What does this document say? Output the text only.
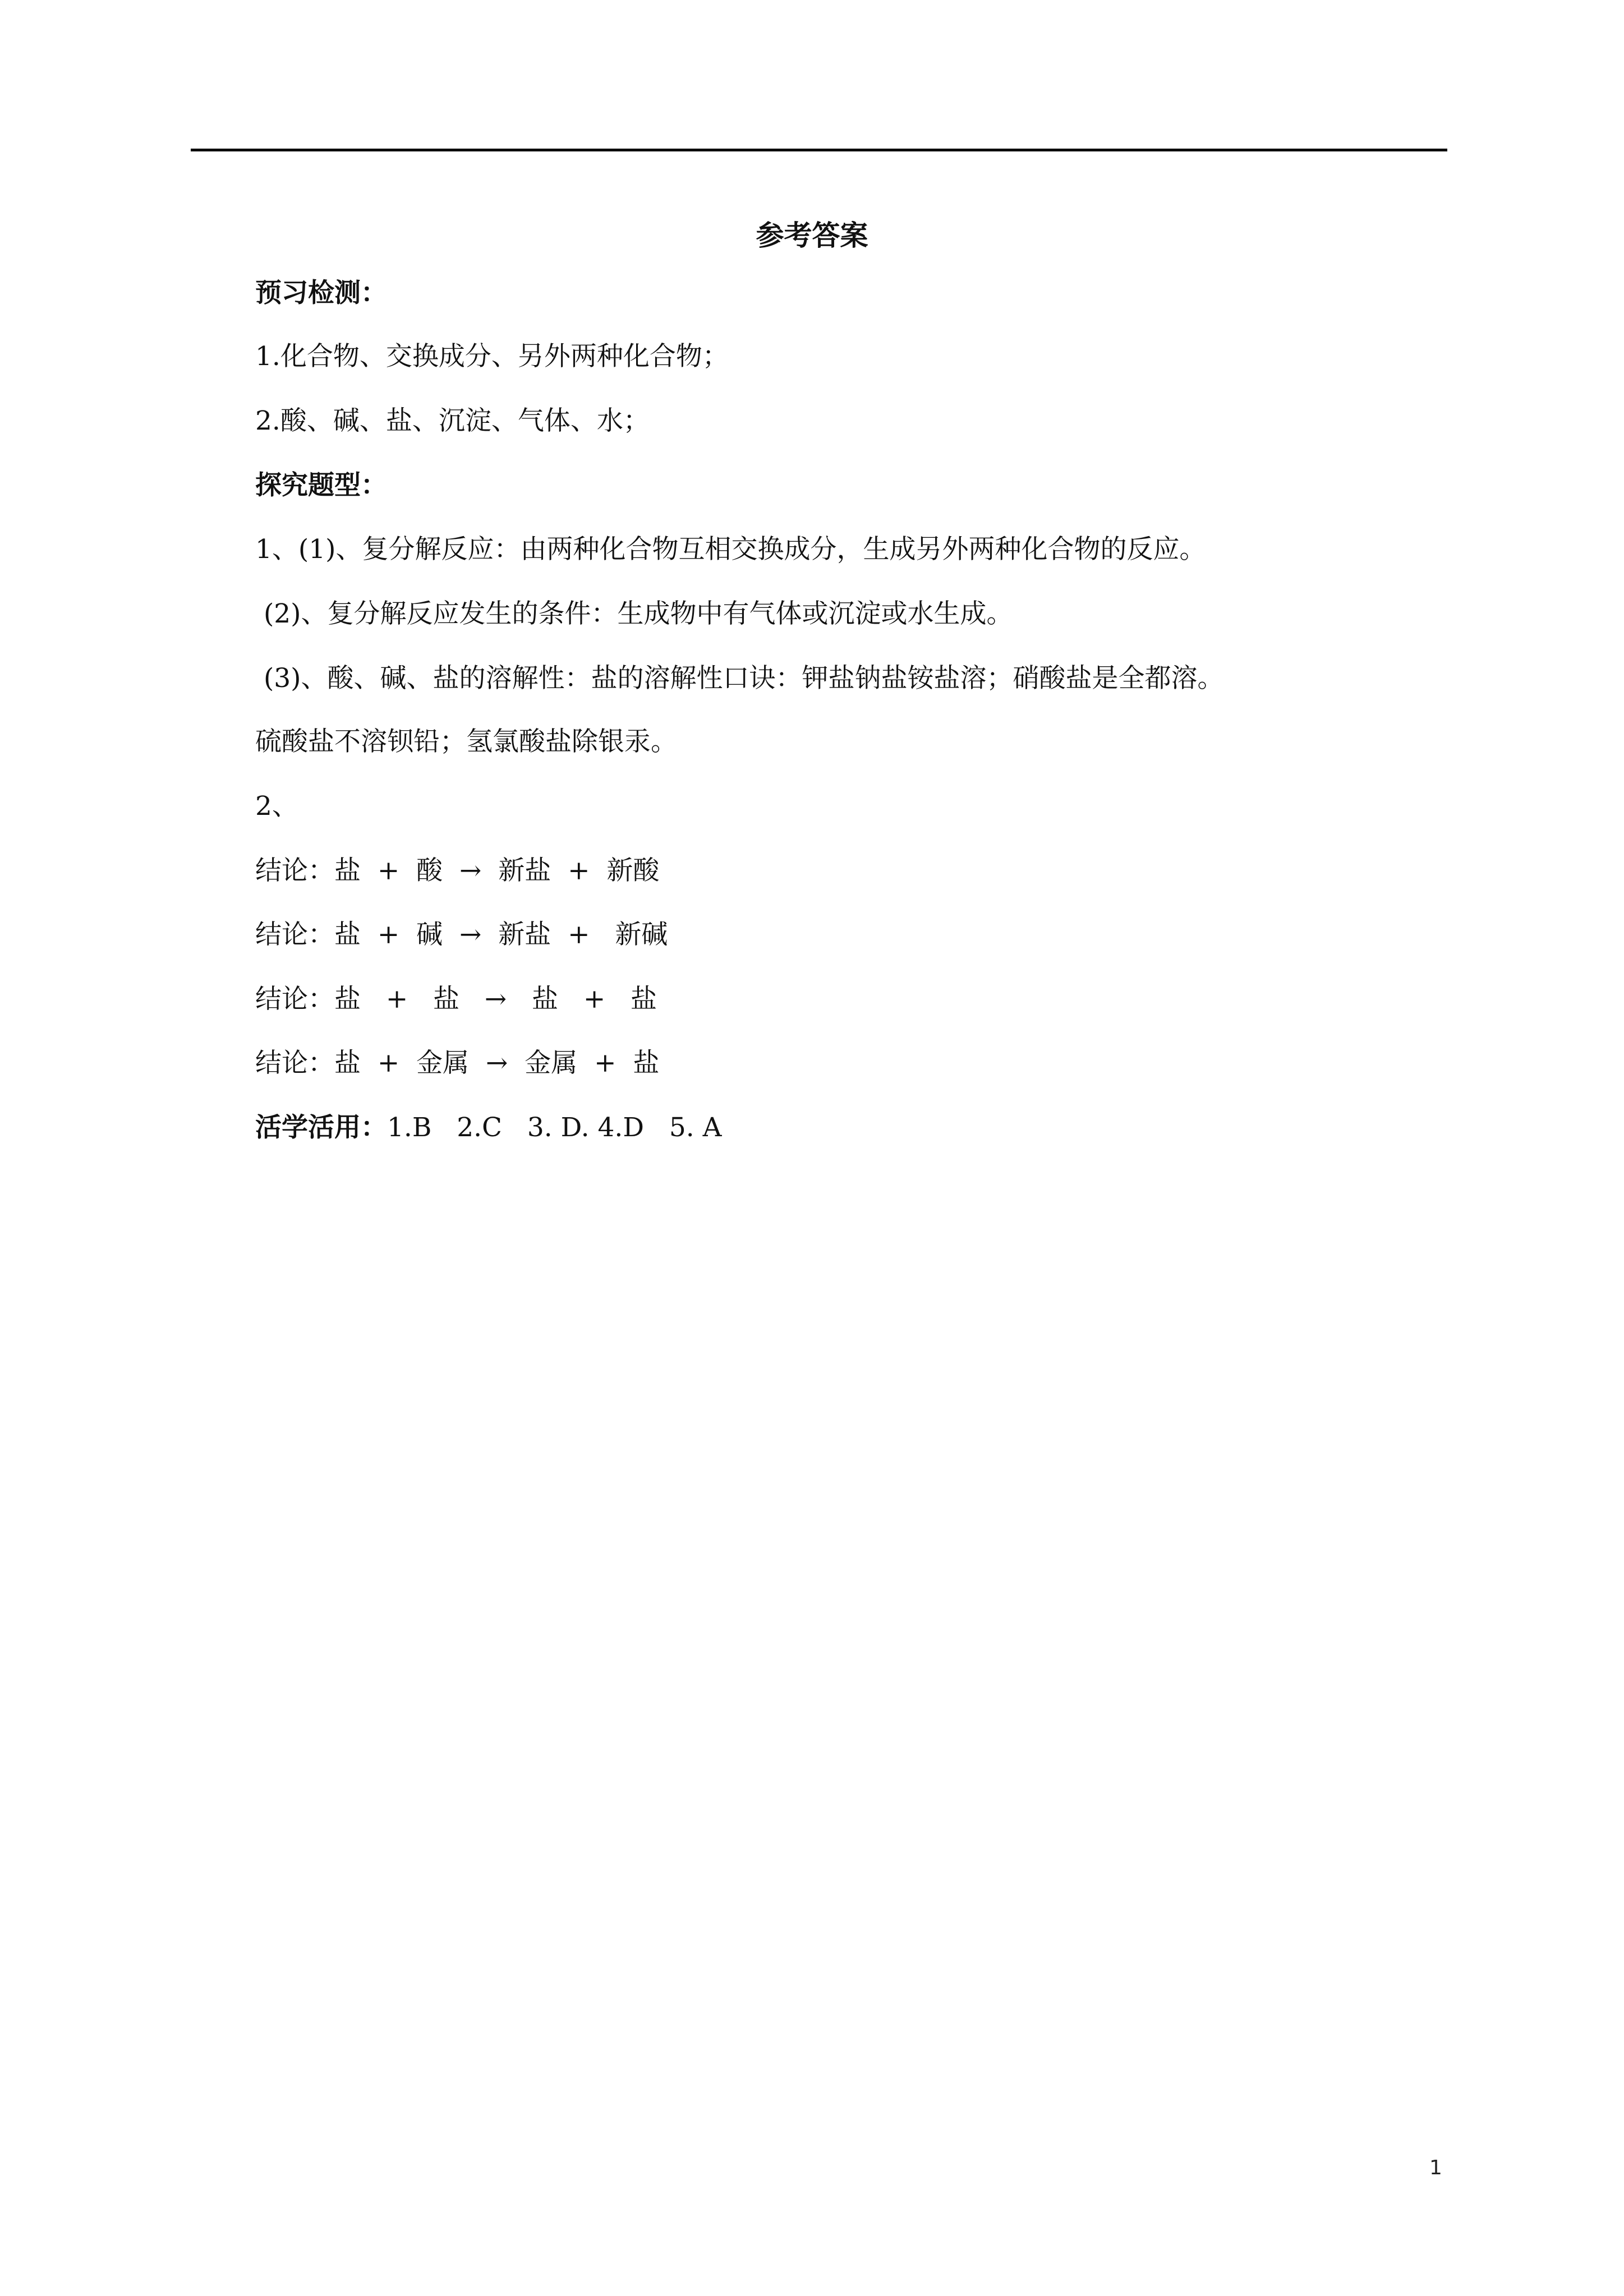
参考答案
预习检测：
1.化合物、交换成分、另外两种化合物；
2.酸、碱、盐、沉淀、气体、水；
探究题型：
1、(1)、复分解反应：由两种化合物互相交换成分，生成另外两种化合物的反应。
(2)、复分解反应发生的条件：生成物中有气体或沉淀或水生成。
(3)、酸、碱、盐的溶解性：盐的溶解性口诀：钾盐钠盐铵盐溶；硝酸盐是全都溶。
硫酸盐不溶钡铅；氢氯酸盐除银汞。
2、
结论：盐  +  酸  →  新盐  +  新酸
结论：盐  +  碱  →  新盐  +   新碱
结论：盐   +   盐   →   盐   +   盐
结论：盐  +  金属  →  金属  +  盐
活学活用：1.B   2.C   3. D. 4.D   5. A
1
